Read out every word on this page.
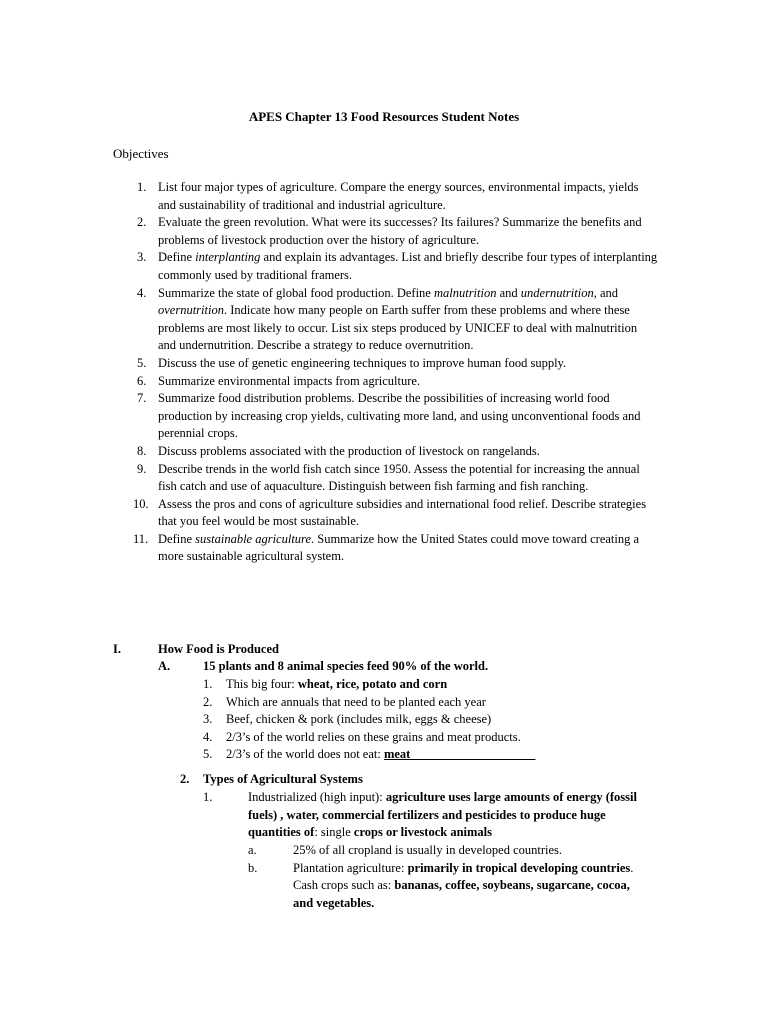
APES Chapter 13 Food Resources Student Notes
Objectives
1. List four major types of agriculture. Compare the energy sources, environmental impacts, yields and sustainability of traditional and industrial agriculture.
2. Evaluate the green revolution. What were its successes? Its failures? Summarize the benefits and problems of livestock production over the history of agriculture.
3. Define interplanting and explain its advantages. List and briefly describe four types of interplanting commonly used by traditional framers.
4. Summarize the state of global food production. Define malnutrition and undernutrition, and overnutrition. Indicate how many people on Earth suffer from these problems and where these problems are most likely to occur. List six steps produced by UNICEF to deal with malnutrition and undernutrition. Describe a strategy to reduce overnutrition.
5. Discuss the use of genetic engineering techniques to improve human food supply.
6. Summarize environmental impacts from agriculture.
7. Summarize food distribution problems. Describe the possibilities of increasing world food production by increasing crop yields, cultivating more land, and using unconventional foods and perennial crops.
8. Discuss problems associated with the production of livestock on rangelands.
9. Describe trends in the world fish catch since 1950. Assess the potential for increasing the annual fish catch and use of aquaculture. Distinguish between fish farming and fish ranching.
10. Assess the pros and cons of agriculture subsidies and international food relief. Describe strategies that you feel would be most sustainable.
11. Define sustainable agriculture. Summarize how the United States could move toward creating a more sustainable agricultural system.
I.	How Food is Produced
A.	15 plants and 8 animal species feed 90% of the world.
1. This big four: wheat, rice, potato and corn
2. Which are annuals that need to be planted each year
3. Beef, chicken & pork (includes milk, eggs & cheese)
4. 2/3’s of the world relies on these grains and meat products.
5. 2/3’s of the world does not eat: meat____________________
2. Types of Agricultural Systems
1.	Industrialized (high input): agriculture uses large amounts of energy (fossil fuels) , water, commercial fertilizers and pesticides to produce huge quantities of: single crops or livestock animals
a.	25% of all cropland is usually in developed countries.
b.	Plantation agriculture: primarily in tropical developing countries. Cash crops such as: bananas, coffee, soybeans, sugarcane, cocoa, and vegetables.
